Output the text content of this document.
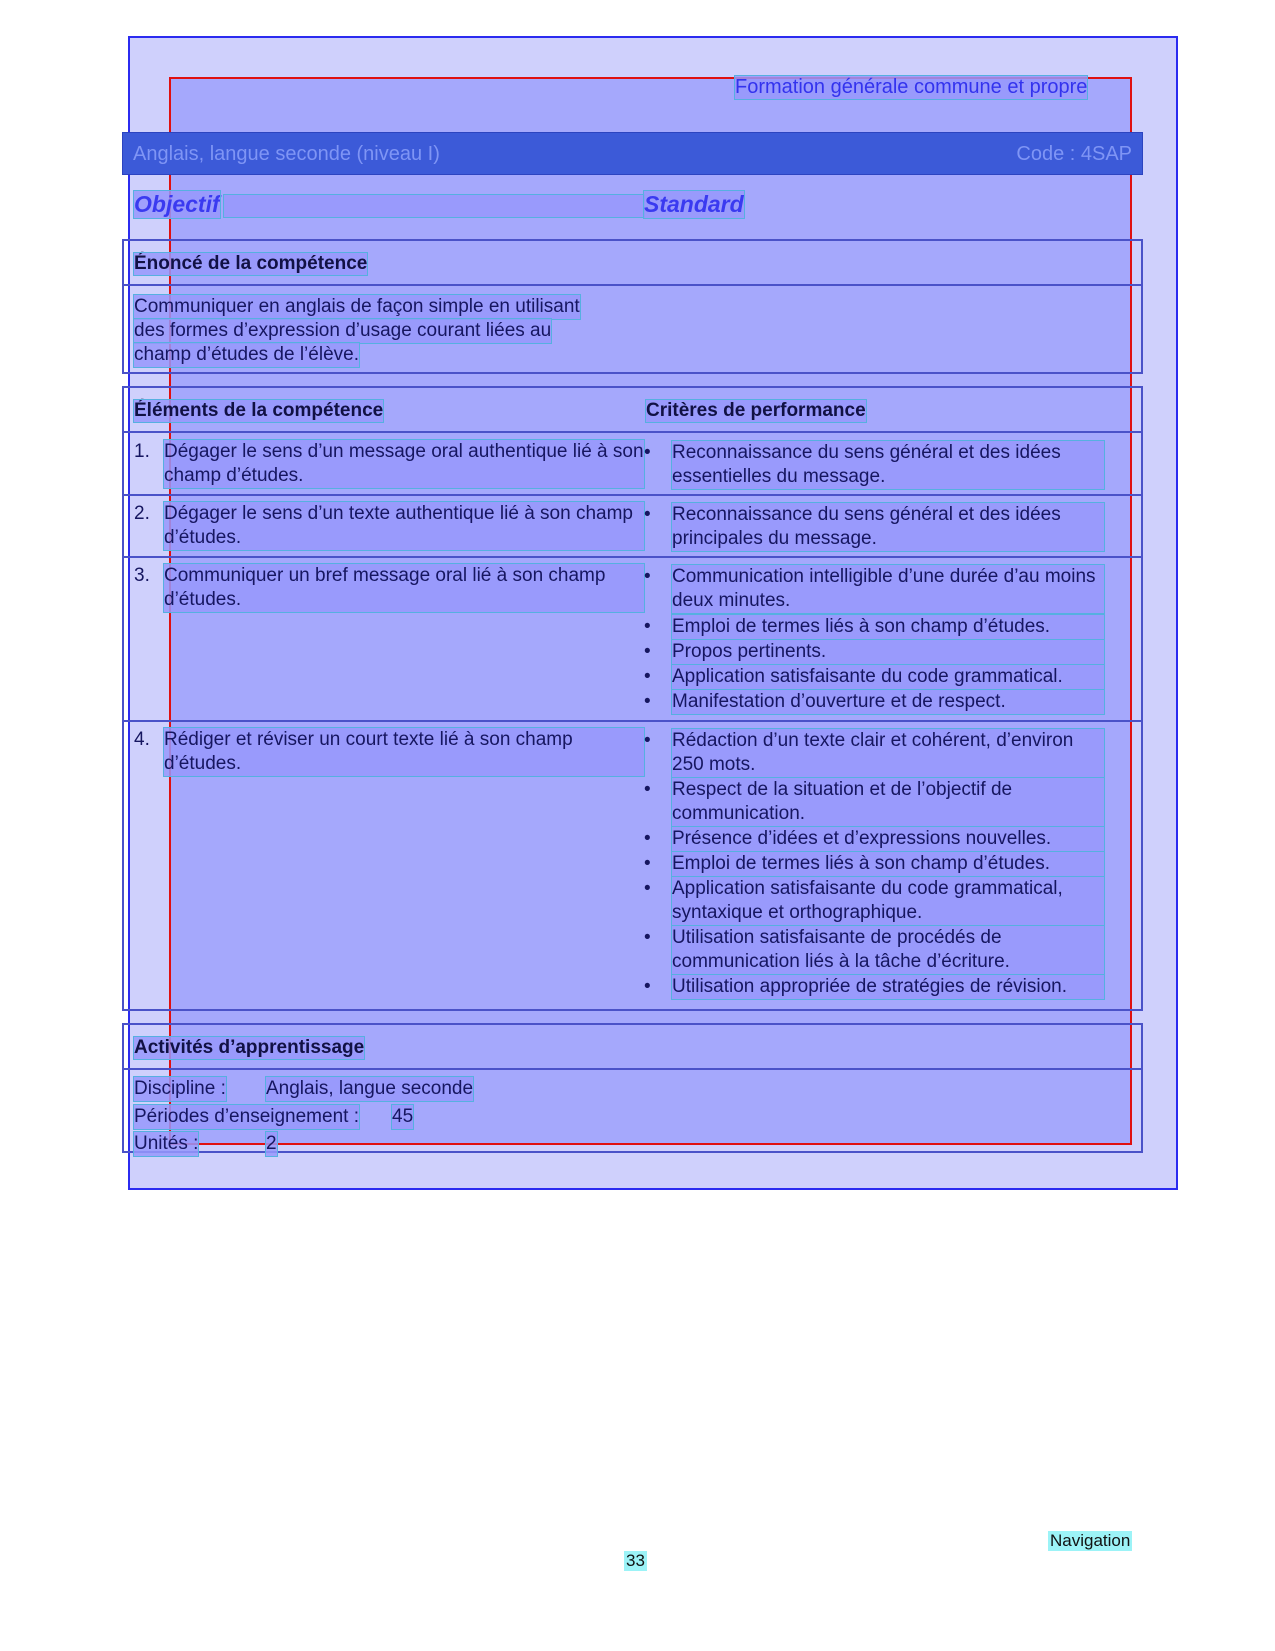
Formation générale commune et propre
Anglais, langue seconde (niveau I)	Code : 4SAP
Objectif	Standard
Énoncé de la compétence
Communiquer en anglais de façon simple en utilisant
des formes d’expression d’usage courant liées au
champ d’études de l’élève.
Éléments de la compétence	Critères de performance
1. Dégager le sens d’un message oral authentique lié à son champ d’études.
• Reconnaissance du sens général et des idées essentielles du message.
2. Dégager le sens d’un texte authentique lié à son champ d’études.
• Reconnaissance du sens général et des idées principales du message.
3. Communiquer un bref message oral lié à son champ d’études.
• Communication intelligible d’une durée d’au moins deux minutes.
• Emploi de termes liés à son champ d’études.
• Propos pertinents.
• Application satisfaisante du code grammatical.
• Manifestation d’ouverture et de respect.
4. Rédiger et réviser un court texte lié à son champ d’études.
• Rédaction d’un texte clair et cohérent, d’environ 250 mots.
• Respect de la situation et de l’objectif de communication.
• Présence d’idées et d’expressions nouvelles.
• Emploi de termes liés à son champ d’études.
• Application satisfaisante du code grammatical, syntaxique et orthographique.
• Utilisation satisfaisante de procédés de communication liés à la tâche d’écriture.
• Utilisation appropriée de stratégies de révision.
Activités d’apprentissage
Discipline : Anglais, langue seconde
Périodes d’enseignement : 45
Unités :	2
Navigation
33
